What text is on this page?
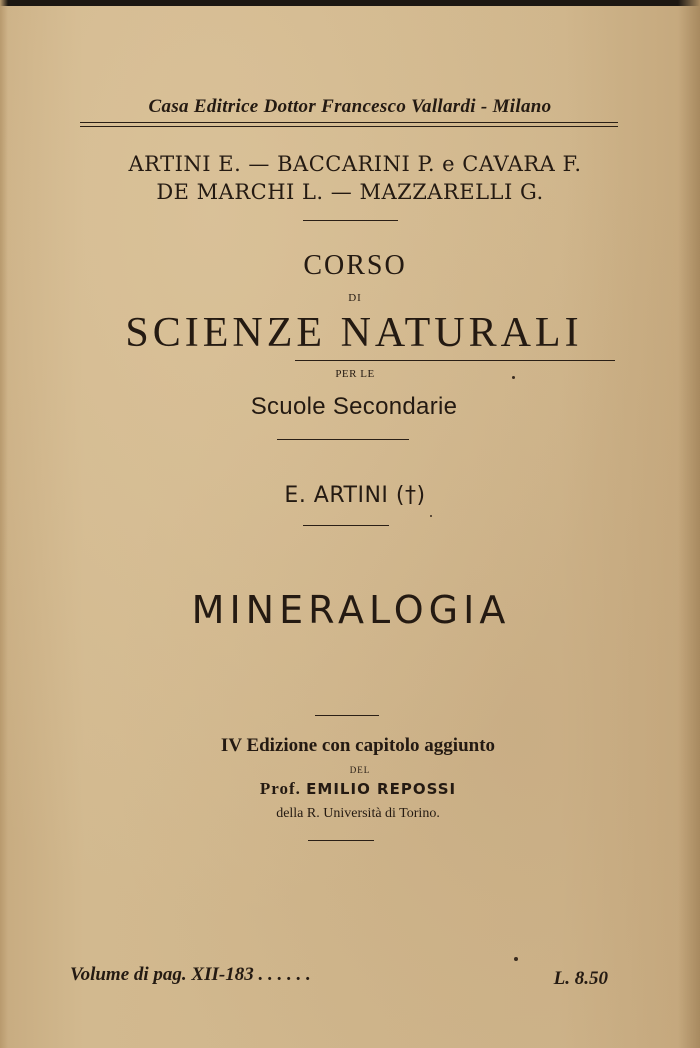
Casa Editrice Dottor Francesco Vallardi - Milano
ARTINI E. — BACCARINI P. e CAVARA F.
DE MARCHI L. — MAZZARELLI G.
CORSO
DI
SCIENZE NATURALI
PER LE
Scuole Secondarie
E. ARTINI (†)
MINERALOGIA
IV Edizione con capitolo aggiunto
DEL
Prof. EMILIO REPOSSI
della R. Università di Torino.
Volume di pag. XII-183 . . . . . .	L. 8.50
